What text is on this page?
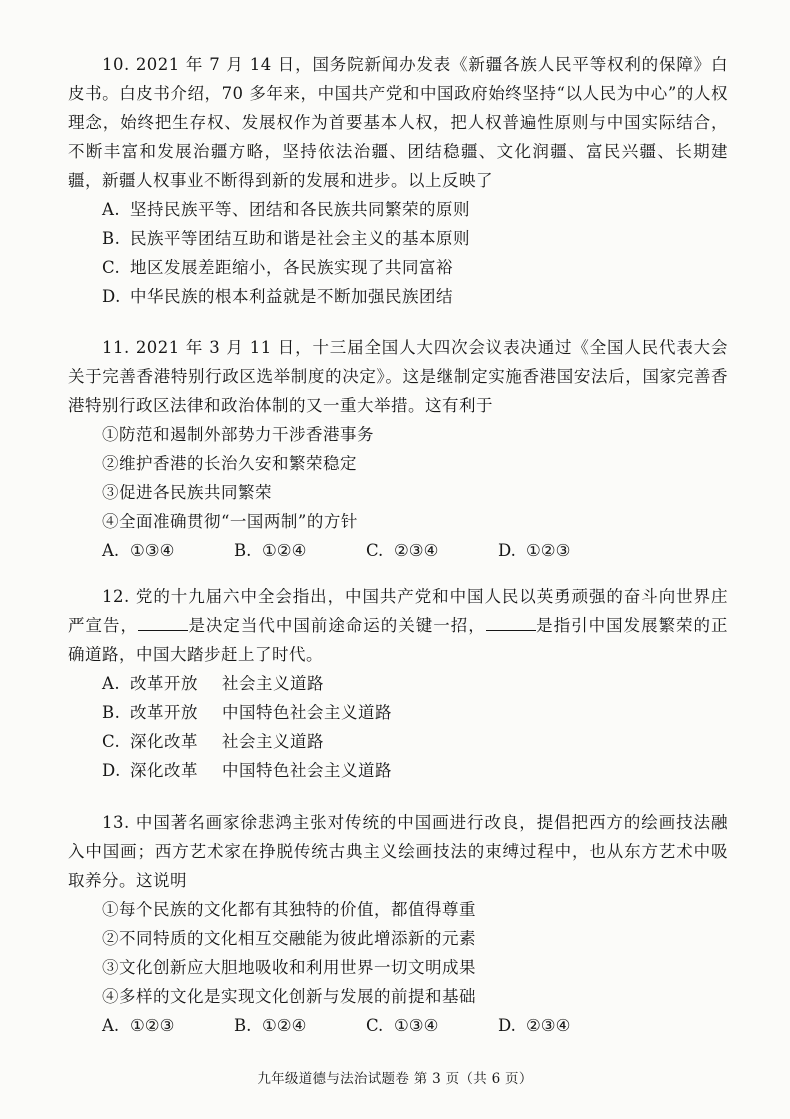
10. 2021 年 7 月 14 日，国务院新闻办发表《新疆各族人民平等权利的保障》白皮书。白皮书介绍，70 多年来，中国共产党和中国政府始终坚持“以人民为中心”的人权理念，始终把生存权、发展权作为首要基本人权，把人权普遍性原则与中国实际结合，不断丰富和发展治疆方略，坚持依法治疆、团结稳疆、文化润疆、富民兴疆、长期建疆，新疆人权事业不断得到新的发展和进步。以上反映了

A. 坚持民族平等、团结和各民族共同繁荣的原则
B. 民族平等团结互助和谐是社会主义的基本原则
C. 地区发展差距缩小，各民族实现了共同富裕
D. 中华民族的根本利益就是不断加强民族团结

11. 2021 年 3 月 11 日，十三届全国人大四次会议表决通过《全国人民代表大会关于完善香港特别行政区选举制度的决定》。这是继制定实施香港国安法后，国家完善香港特别行政区法律和政治体制的又一重大举措。这有利于

①防范和遏制外部势力干涉香港事务
②维护香港的长治久安和繁荣稳定
③促进各民族共同繁荣
④全面准确贯彻“一国两制”的方针
A. ①③④	B. ①②④	C. ②③④	D. ①②③

12. 党的十九届六中全会指出，中国共产党和中国人民以英勇顽强的奋斗向世界庄严宣告，	是决定当代中国前途命运的关键一招，	是指引中国发展繁荣的正确道路，中国大踏步赶上了时代。

A. 改革开放 社会主义道路
B. 改革开放 中国特色社会主义道路
C. 深化改革 社会主义道路
D. 深化改革 中国特色社会主义道路

13. 中国著名画家徐悲鸿主张对传统的中国画进行改良，提倡把西方的绘画技法融入中国画；西方艺术家在挣脱传统古典主义绘画技法的束缚过程中，也从东方艺术中吸取养分。这说明

①每个民族的文化都有其独特的价值，都值得尊重
②不同特质的文化相互交融能为彼此增添新的元素
③文化创新应大胆地吸收和利用世界一切文明成果
④多样的文化是实现文化创新与发展的前提和基础
A. ①②③	B. ①②④	C. ①③④	D. ②③④
九年级道德与法治试题卷 第 3 页（共 6 页）
